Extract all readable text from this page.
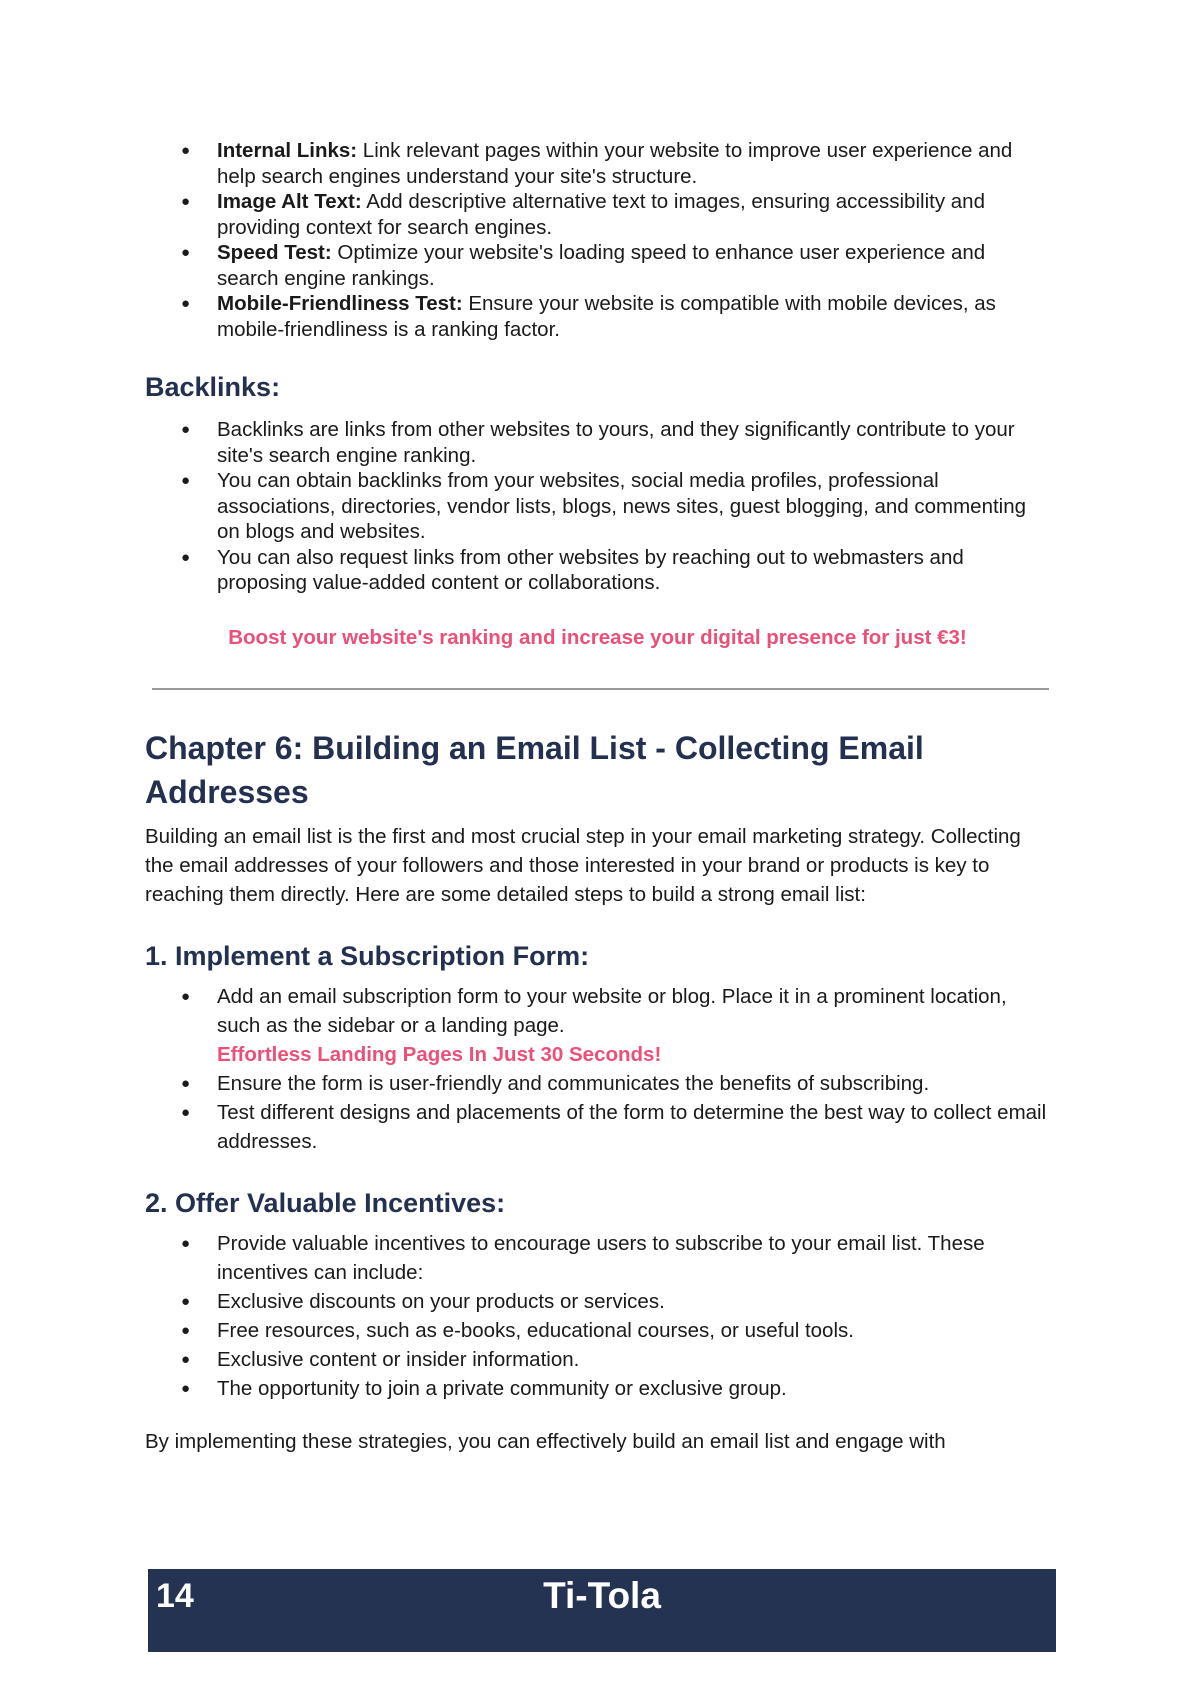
● Internal Links: Link relevant pages within your website to improve user experience and help search engines understand your site's structure.
● Image Alt Text: Add descriptive alternative text to images, ensuring accessibility and providing context for search engines.
● Speed Test: Optimize your website's loading speed to enhance user experience and search engine rankings.
● Mobile-Friendliness Test: Ensure your website is compatible with mobile devices, as mobile-friendliness is a ranking factor.
Backlinks:
● Backlinks are links from other websites to yours, and they significantly contribute to your site's search engine ranking.
● You can obtain backlinks from your websites, social media profiles, professional associations, directories, vendor lists, blogs, news sites, guest blogging, and commenting on blogs and websites.
● You can also request links from other websites by reaching out to webmasters and proposing value-added content or collaborations.
Boost your website's ranking and increase your digital presence for just €3!
Chapter 6: Building an Email List - Collecting Email Addresses

Building an email list is the first and most crucial step in your email marketing strategy. Collecting the email addresses of your followers and those interested in your brand or products is key to reaching them directly. Here are some detailed steps to build a strong email list:

1. Implement a Subscription Form:
● Add an email subscription form to your website or blog. Place it in a prominent location, such as the sidebar or a landing page.
Effortless Landing Pages In Just 30 Seconds!
● Ensure the form is user-friendly and communicates the benefits of subscribing.
● Test different designs and placements of the form to determine the best way to collect email addresses.
2. Offer Valuable Incentives:
● Provide valuable incentives to encourage users to subscribe to your email list. These incentives can include:
● Exclusive discounts on your products or services.
● Free resources, such as e-books, educational courses, or useful tools.
● Exclusive content or insider information.
● The opportunity to join a private community or exclusive group.

By implementing these strategies, you can effectively build an email list and engage with

14	Ti-Tola
